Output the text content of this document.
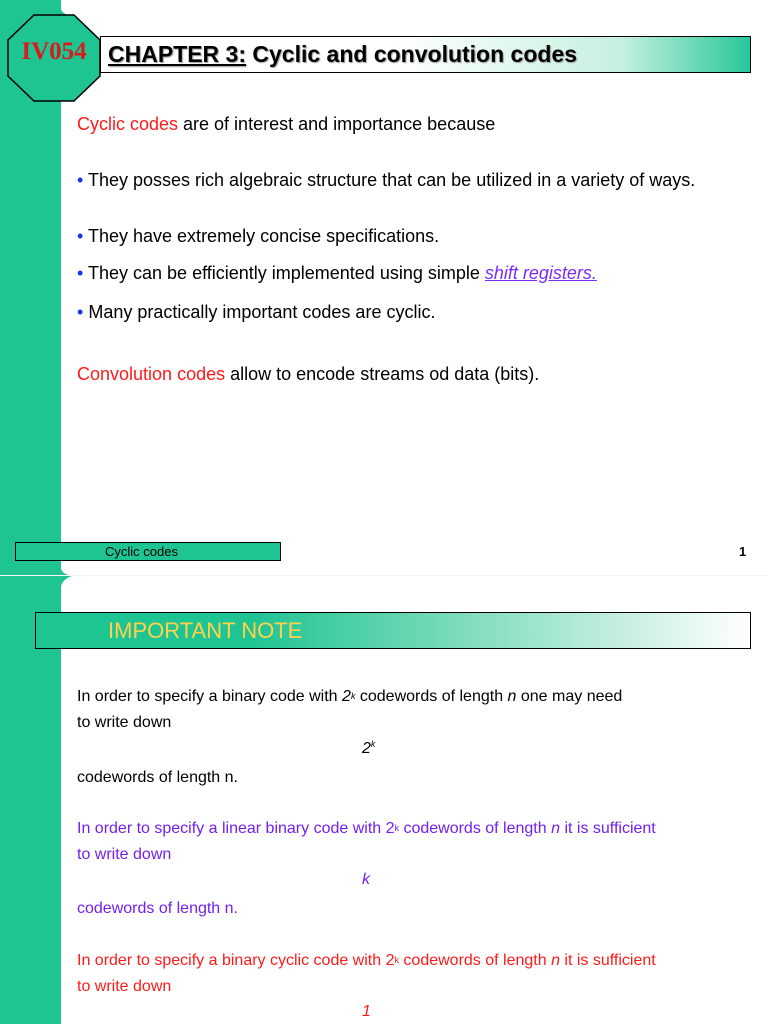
IV054 CHAPTER 3: Cyclic and convolution codes
Cyclic codes are of interest and importance because
• They posses rich algebraic structure that can be utilized in a variety of ways.
• They have extremely concise specifications.
• They can be efficiently implemented using simple shift registers.
• Many practically important codes are cyclic.
Convolution codes allow to encode streams od data (bits).
Cyclic codes	1
IMPORTANT NOTE
In order to specify a binary code with 2$^k$ codewords of length n one may need
to write down
2$^k$
codewords of length n.
In order to specify a linear binary code with 2$^k$ codewords of length n it is sufficient
to write down
k
codewords of length n.
In order to specify a binary cyclic code with 2$^k$ codewords of length n it is sufficient
to write down
1
